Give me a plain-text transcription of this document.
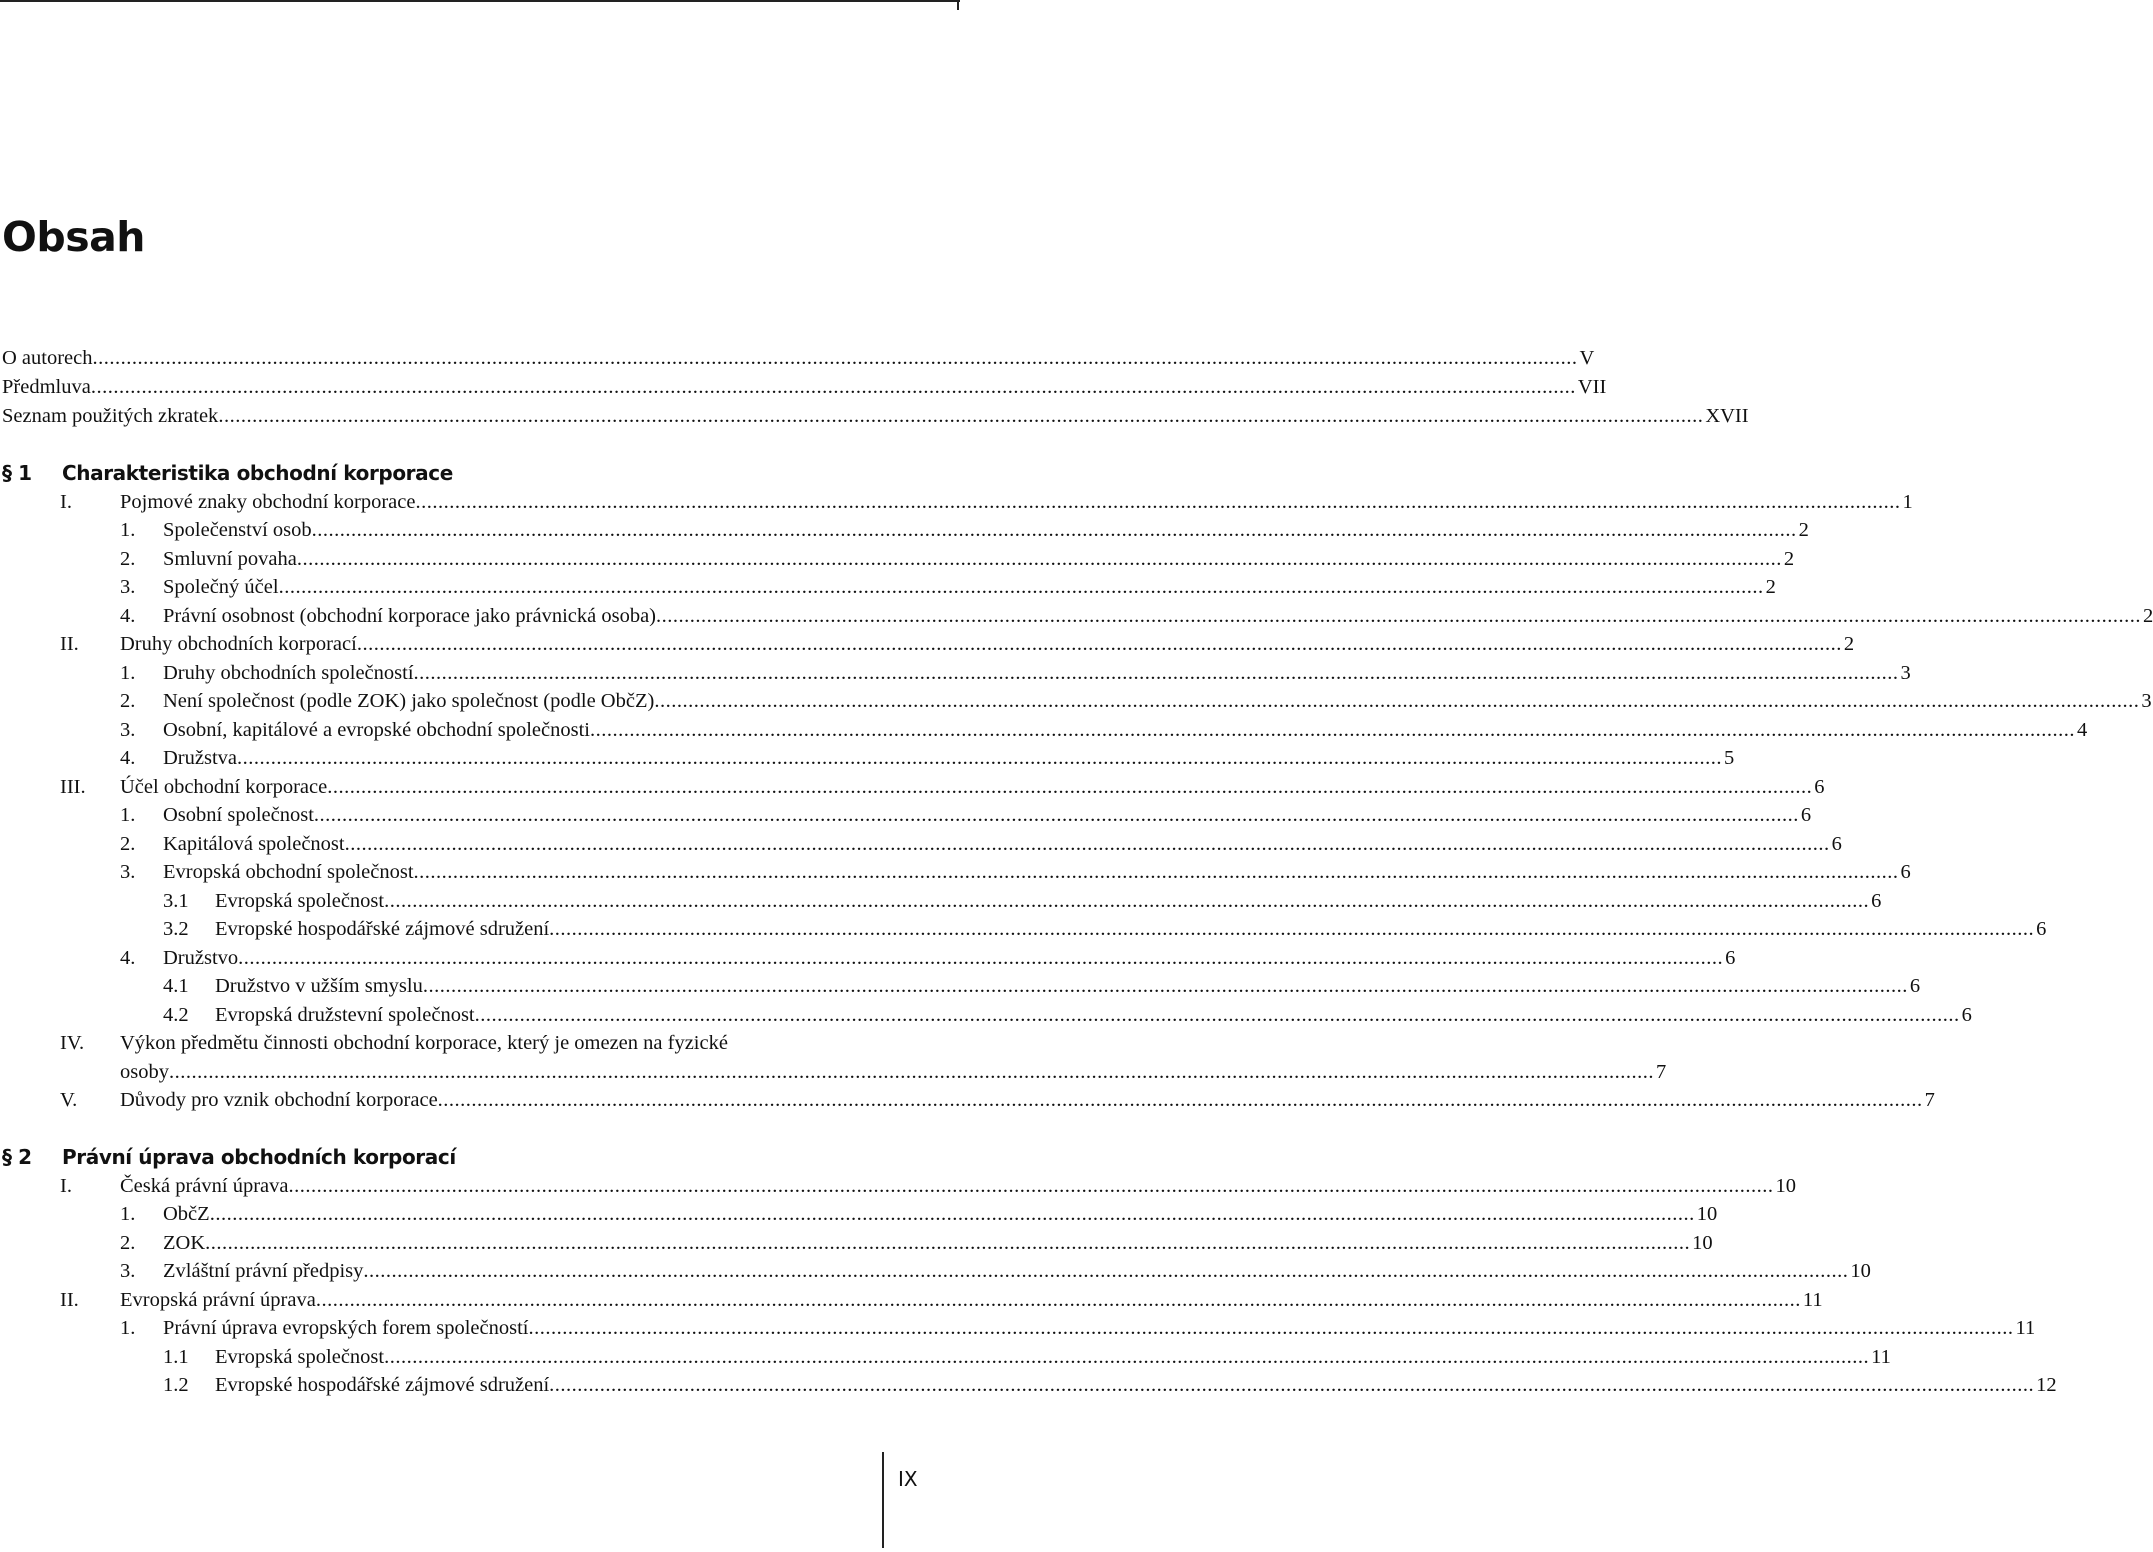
Obsah
O autorech ........................................................................................................................................................................................................................................................................ V
Předmluva ........................................................................................................................................................................................................................................................................ VII
Seznam použitých zkratek ........................................................................................................................................................................................................................................................................ XVII
§ 1 Charakteristika obchodní korporace
I. Pojmové znaky obchodní korporace ........................................................................................................................................................................................................................................................................ 1
1. Společenství osob ........................................................................................................................................................................................................................................................................ 2
2. Smluvní povaha ........................................................................................................................................................................................................................................................................ 2
3. Společný účel ........................................................................................................................................................................................................................................................................ 2
4. Právní osobnost (obchodní korporace jako právnická osoba) ........................................................................................................................................................................................................................................................................ 2
II. Druhy obchodních korporací ........................................................................................................................................................................................................................................................................ 2
1. Druhy obchodních společností ........................................................................................................................................................................................................................................................................ 3
2. Není společnost (podle ZOK) jako společnost (podle ObčZ) ........................................................................................................................................................................................................................................................................ 3
3. Osobní, kapitálové a evropské obchodní společnosti ........................................................................................................................................................................................................................................................................ 4
4. Družstva ........................................................................................................................................................................................................................................................................ 5
III. Účel obchodní korporace ........................................................................................................................................................................................................................................................................ 6
1. Osobní společnost ........................................................................................................................................................................................................................................................................ 6
2. Kapitálová společnost ........................................................................................................................................................................................................................................................................ 6
3. Evropská obchodní společnost ........................................................................................................................................................................................................................................................................ 6
3.1 Evropská společnost ........................................................................................................................................................................................................................................................................ 6
3.2 Evropské hospodářské zájmové sdružení ........................................................................................................................................................................................................................................................................ 6
4. Družstvo ........................................................................................................................................................................................................................................................................ 6
4.1 Družstvo v užším smyslu ........................................................................................................................................................................................................................................................................ 6
4.2 Evropská družstevní společnost ........................................................................................................................................................................................................................................................................ 6
IV. Výkon předmětu činnosti obchodní korporace, který je omezen na fyzické
osoby ........................................................................................................................................................................................................................................................................ 7
V. Důvody pro vznik obchodní korporace ........................................................................................................................................................................................................................................................................ 7
§ 2 Právní úprava obchodních korporací
I. Česká právní úprava ........................................................................................................................................................................................................................................................................ 10
1. ObčZ ........................................................................................................................................................................................................................................................................ 10
2. ZOK ........................................................................................................................................................................................................................................................................ 10
3. Zvláštní právní předpisy ........................................................................................................................................................................................................................................................................ 10
II. Evropská právní úprava ........................................................................................................................................................................................................................................................................ 11
1. Právní úprava evropských forem společností ........................................................................................................................................................................................................................................................................ 11
1.1 Evropská společnost ........................................................................................................................................................................................................................................................................ 11
1.2 Evropské hospodářské zájmové sdružení ........................................................................................................................................................................................................................................................................ 12
IX
